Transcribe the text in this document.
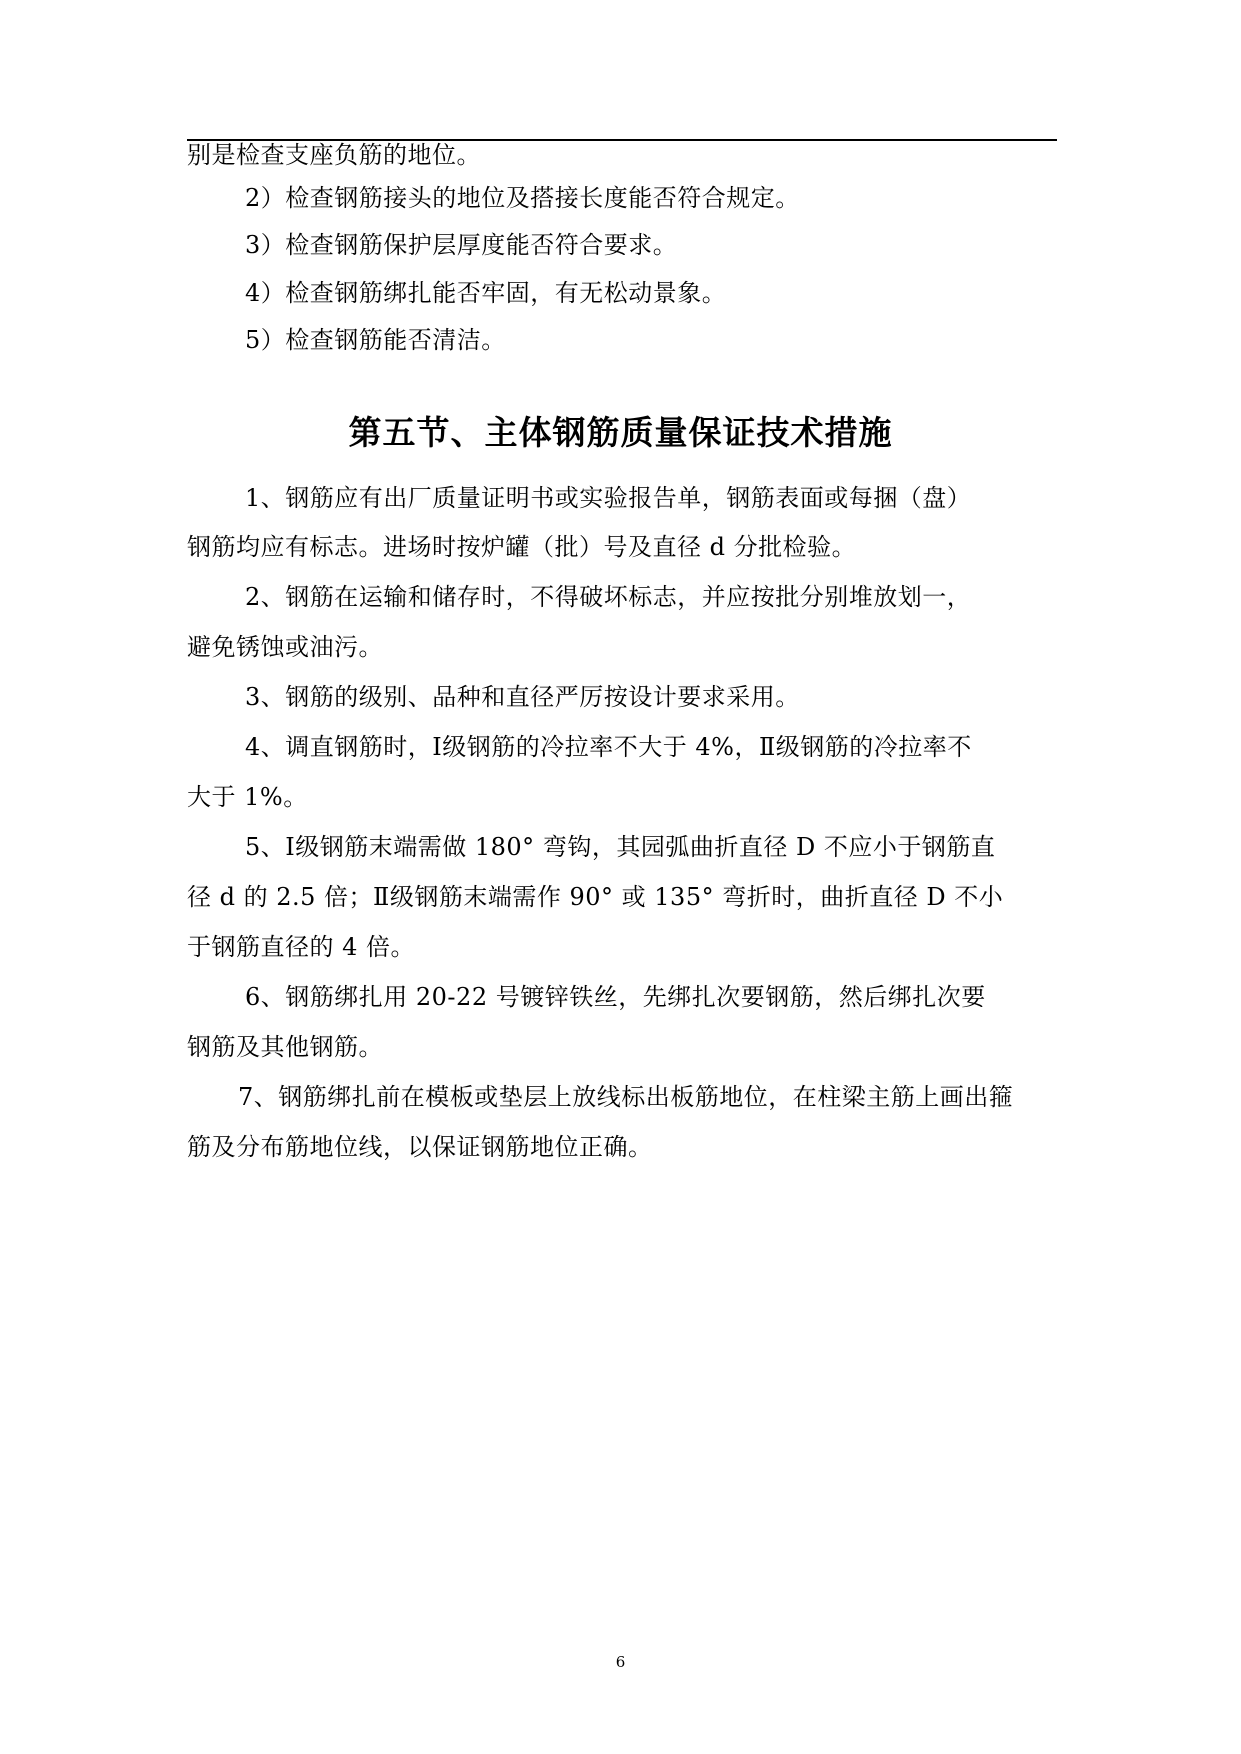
别是检查支座负筋的地位。
2）检查钢筋接头的地位及搭接长度能否符合规定。
3）检查钢筋保护层厚度能否符合要求。
4）检查钢筋绑扎能否牢固，有无松动景象。
5）检查钢筋能否清洁。
第五节、主体钢筋质量保证技术措施
1、钢筋应有出厂质量证明书或实验报告单，钢筋表面或每捆（盘）
钢筋均应有标志。进场时按炉罐（批）号及直径 d 分批检验。
2、钢筋在运输和储存时，不得破坏标志，并应按批分别堆放划一，
避免锈蚀或油污。
3、钢筋的级别、品种和直径严厉按设计要求采用。
4、调直钢筋时，Ⅰ级钢筋的冷拉率不大于 4%，Ⅱ级钢筋的冷拉率不
大于 1%。
5、Ⅰ级钢筋末端需做 180° 弯钩，其园弧曲折直径 D 不应小于钢筋直
径 d 的 2.5 倍；Ⅱ级钢筋末端需作 90° 或 135° 弯折时，曲折直径 D 不小
于钢筋直径的 4 倍。
6、钢筋绑扎用 20-22 号镀锌铁丝，先绑扎次要钢筋，然后绑扎次要
钢筋及其他钢筋。
7、钢筋绑扎前在模板或垫层上放线标出板筋地位，在柱梁主筋上画出箍
筋及分布筋地位线，以保证钢筋地位正确。
6
